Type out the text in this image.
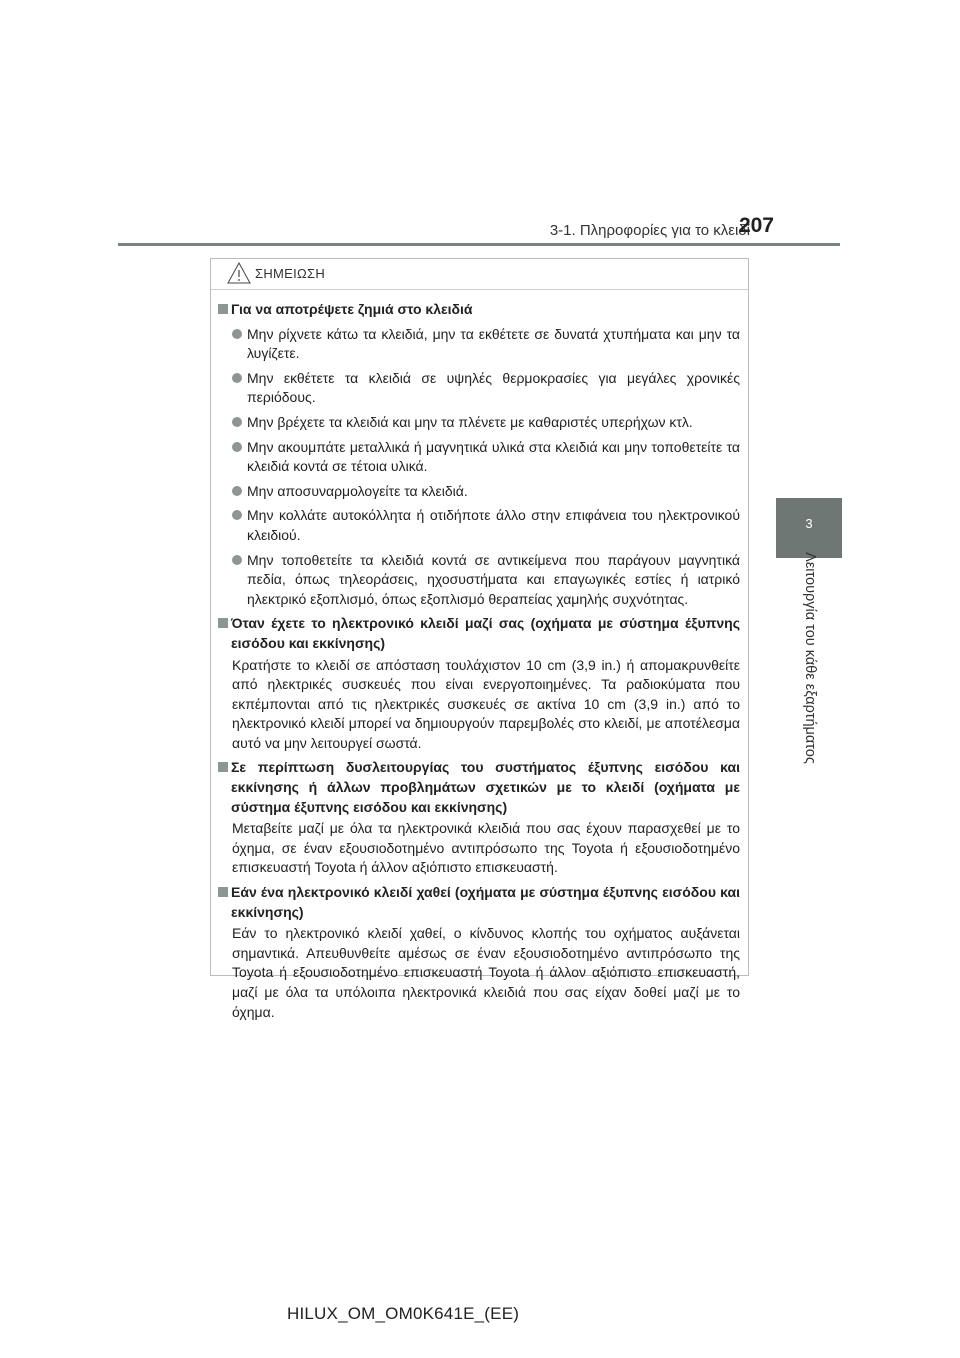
3-1. Πληροφορίες για το κλειδί
207
3
Λειτουργία του κάθε εξαρτήματος
ΣΗΜΕΙΩΣΗ
Για να αποτρέψετε ζημιά στο κλειδιά
Μην ρίχνετε κάτω τα κλειδιά, μην τα εκθέτετε σε δυνατά χτυπήματα και μην τα λυγίζετε.
Μην εκθέτετε τα κλειδιά σε υψηλές θερμοκρασίες για μεγάλες χρονικές περιόδους.
Μην βρέχετε τα κλειδιά και μην τα πλένετε με καθαριστές υπερήχων κτλ.
Μην ακουμπάτε μεταλλικά ή μαγνητικά υλικά στα κλειδιά και μην τοποθετείτε τα κλειδιά κοντά σε τέτοια υλικά.
Μην αποσυναρμολογείτε τα κλειδιά.
Μην κολλάτε αυτοκόλλητα ή οτιδήποτε άλλο στην επιφάνεια του ηλεκτρονικού κλειδιού.
Μην τοποθετείτε τα κλειδιά κοντά σε αντικείμενα που παράγουν μαγνητικά πεδία, όπως τηλεοράσεις, ηχοσυστήματα και επαγωγικές εστίες ή ιατρικό ηλεκτρικό εξοπλισμό, όπως εξοπλισμό θεραπείας χαμηλής συχνότητας.
Όταν έχετε το ηλεκτρονικό κλειδί μαζί σας (οχήματα με σύστημα έξυπνης εισόδου και εκκίνησης)
Κρατήστε το κλειδί σε απόσταση τουλάχιστον 10 cm (3,9 in.) ή απομακρυνθείτε από ηλεκτρικές συσκευές που είναι ενεργοποιημένες. Τα ραδιοκύματα που εκπέμπονται από τις ηλεκτρικές συσκευές σε ακτίνα 10 cm (3,9 in.) από το ηλεκτρονικό κλειδί μπορεί να δημιουργούν παρεμβολές στο κλειδί, με αποτέλεσμα αυτό να μην λειτουργεί σωστά.
Σε περίπτωση δυσλειτουργίας του συστήματος έξυπνης εισόδου και εκκίνησης ή άλλων προβλημάτων σχετικών με το κλειδί (οχήματα με σύστημα έξυπνης εισόδου και εκκίνησης)
Μεταβείτε μαζί με όλα τα ηλεκτρονικά κλειδιά που σας έχουν παρασχεθεί με το όχημα, σε έναν εξουσιοδοτημένο αντιπρόσωπο της Toyota ή εξουσιοδοτημένο επισκευαστή Toyota ή άλλον αξιόπιστο επισκευαστή.
Εάν ένα ηλεκτρονικό κλειδί χαθεί (οχήματα με σύστημα έξυπνης εισόδου και εκκίνησης)
Εάν το ηλεκτρονικό κλειδί χαθεί, ο κίνδυνος κλοπής του οχήματος αυξάνεται σημαντικά. Απευθυνθείτε αμέσως σε έναν εξουσιοδοτημένο αντιπρόσωπο της Toyota ή εξουσιοδοτημένο επισκευαστή Toyota ή άλλον αξιόπιστο επισκευαστή, μαζί με όλα τα υπόλοιπα ηλεκτρονικά κλειδιά που σας είχαν δοθεί μαζί με το όχημα.
HILUX_OM_OM0K641E_(EE)
